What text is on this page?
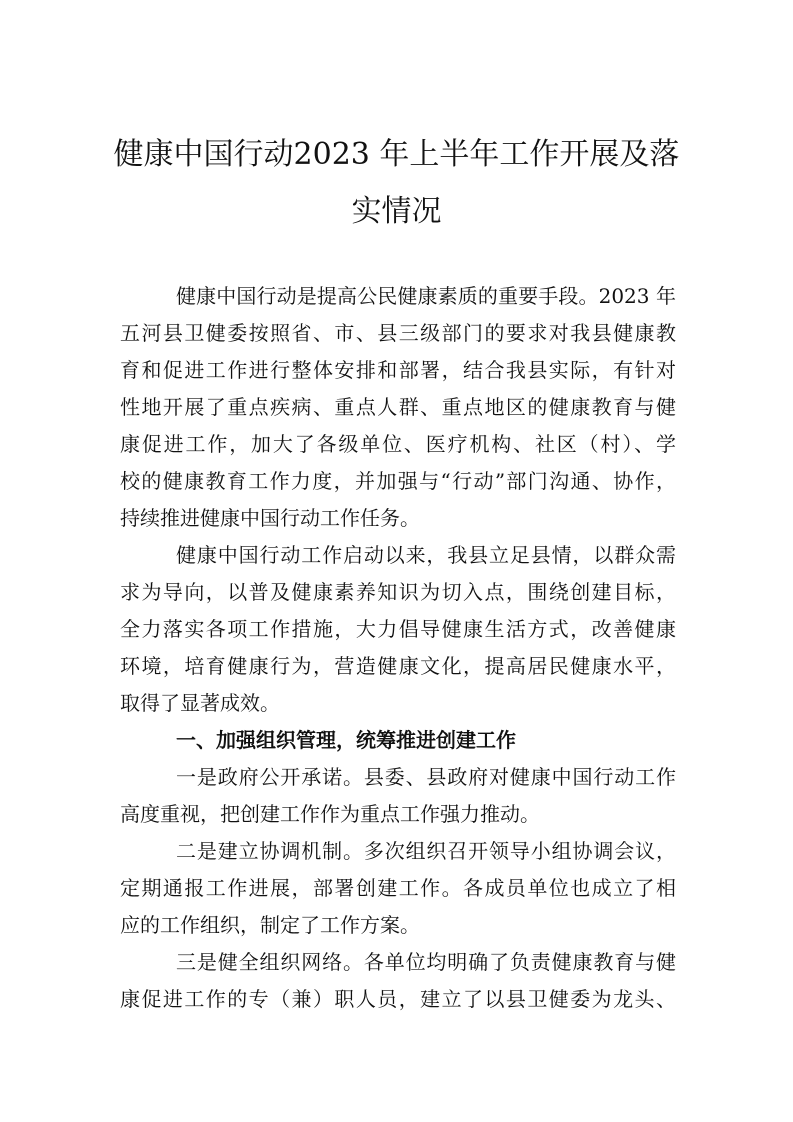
健康中国行动2023 年上半年工作开展及落
实情况
健康中国行动是提高公民健康素质的重要手段。2023 年
五河县卫健委按照省、市、县三级部门的要求对我县健康教
育和促进工作进行整体安排和部署，结合我县实际，有针对
性地开展了重点疾病、重点人群、重点地区的健康教育与健
康促进工作，加大了各级单位、医疗机构、社区（村）、学
校的健康教育工作力度，并加强与“行动”部门沟通、协作，
持续推进健康中国行动工作任务。
健康中国行动工作启动以来，我县立足县情，以群众需
求为导向，以普及健康素养知识为切入点，围绕创建目标，
全力落实各项工作措施，大力倡导健康生活方式，改善健康
环境，培育健康行为，营造健康文化，提高居民健康水平，
取得了显著成效。
一、加强组织管理，统筹推进创建工作
一是政府公开承诺。县委、县政府对健康中国行动工作
高度重视，把创建工作作为重点工作强力推动。
二是建立协调机制。多次组织召开领导小组协调会议，
定期通报工作进展，部署创建工作。各成员单位也成立了相
应的工作组织，制定了工作方案。
三是健全组织网络。各单位均明确了负责健康教育与健
康促进工作的专（兼）职人员，建立了以县卫健委为龙头、
